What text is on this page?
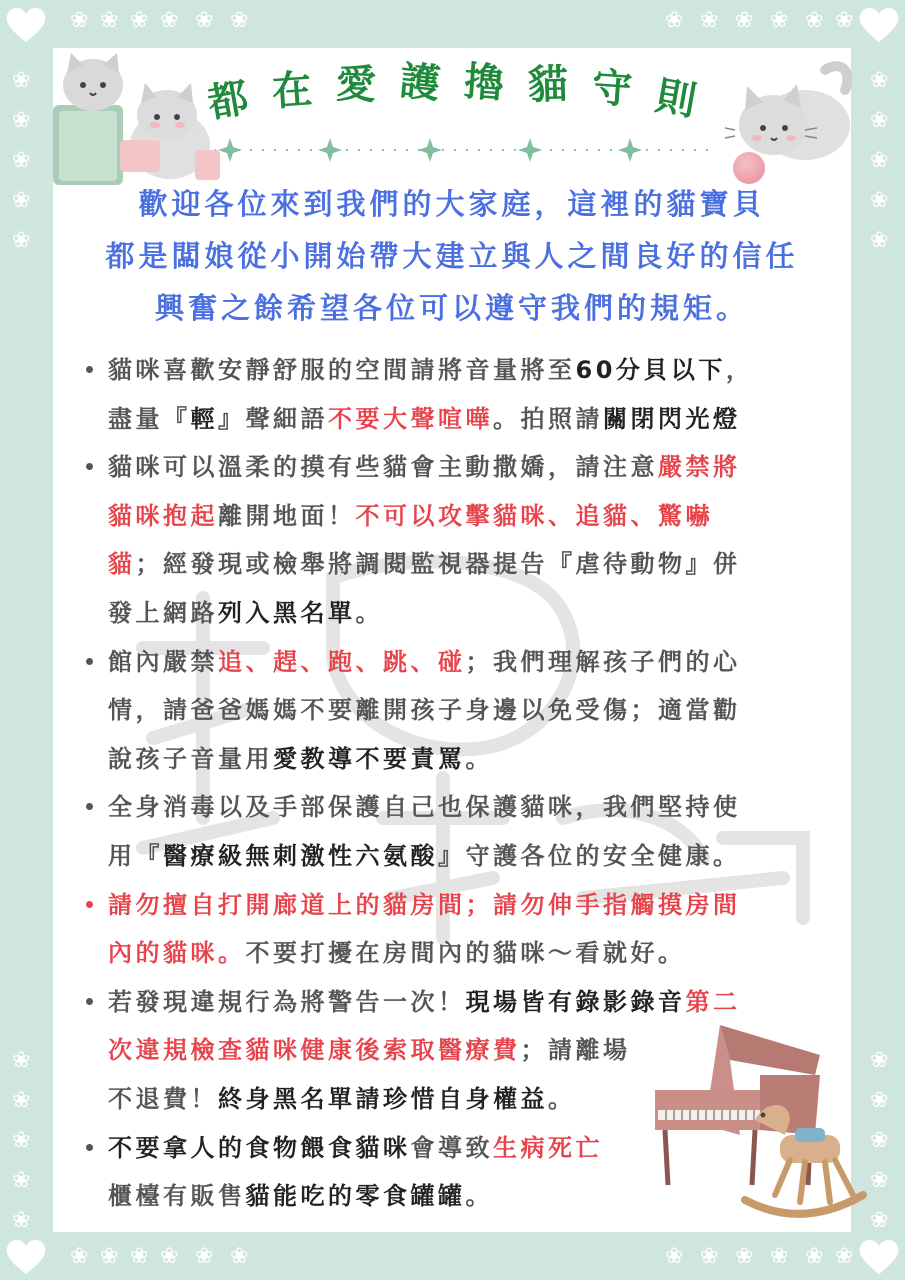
❀ ❀ ❀ ❀ ❀ ❀	❀ ❀ ❀ ❀ ❀ ❀
❀ ❀ ❀ ❀ ❀ ❀	❀ ❀ ❀ ❀ ❀ ❀
❀	❀
❀	❀
❀	❀
❀	❀
❀	❀
❀	❀
❀	❀
❀	❀
❀	❀
❀	❀
都 在 愛 護 擼 貓 守 則
歡迎各位來到我們的大家庭，這裡的貓寶貝
都是闆娘從小開始帶大建立與人之間良好的信任
興奮之餘希望各位可以遵守我們的規矩。
貓咪喜歡安靜舒服的空間請將音量將至60分貝以下，
盡量『輕』聲細語不要大聲喧嘩。拍照請關閉閃光燈
貓咪可以溫柔的摸有些貓會主動撒嬌，請注意嚴禁將
貓咪抱起離開地面！不可以攻擊貓咪、追貓、驚嚇
貓；經發現或檢舉將調閱監視器提告『虐待動物』併
發上網路列入黑名單。
館內嚴禁追、趕、跑、跳、碰；我們理解孩子們的心
情，請爸爸媽媽不要離開孩子身邊以免受傷；適當勸
說孩子音量用愛教導不要責罵。
全身消毒以及手部保護自己也保護貓咪，我們堅持使
用『醫療級無刺激性六氨酸』守護各位的安全健康。
請勿擅自打開廊道上的貓房間；請勿伸手指觸摸房間
內的貓咪。不要打擾在房間內的貓咪～看就好。
若發現違規行為將警告一次！現場皆有錄影錄音第二
次違規檢查貓咪健康後索取醫療費；請離場
不退費！終身黑名單請珍惜自身權益。
不要拿人的食物餵食貓咪會導致生病死亡
櫃檯有販售貓能吃的零食罐罐。
